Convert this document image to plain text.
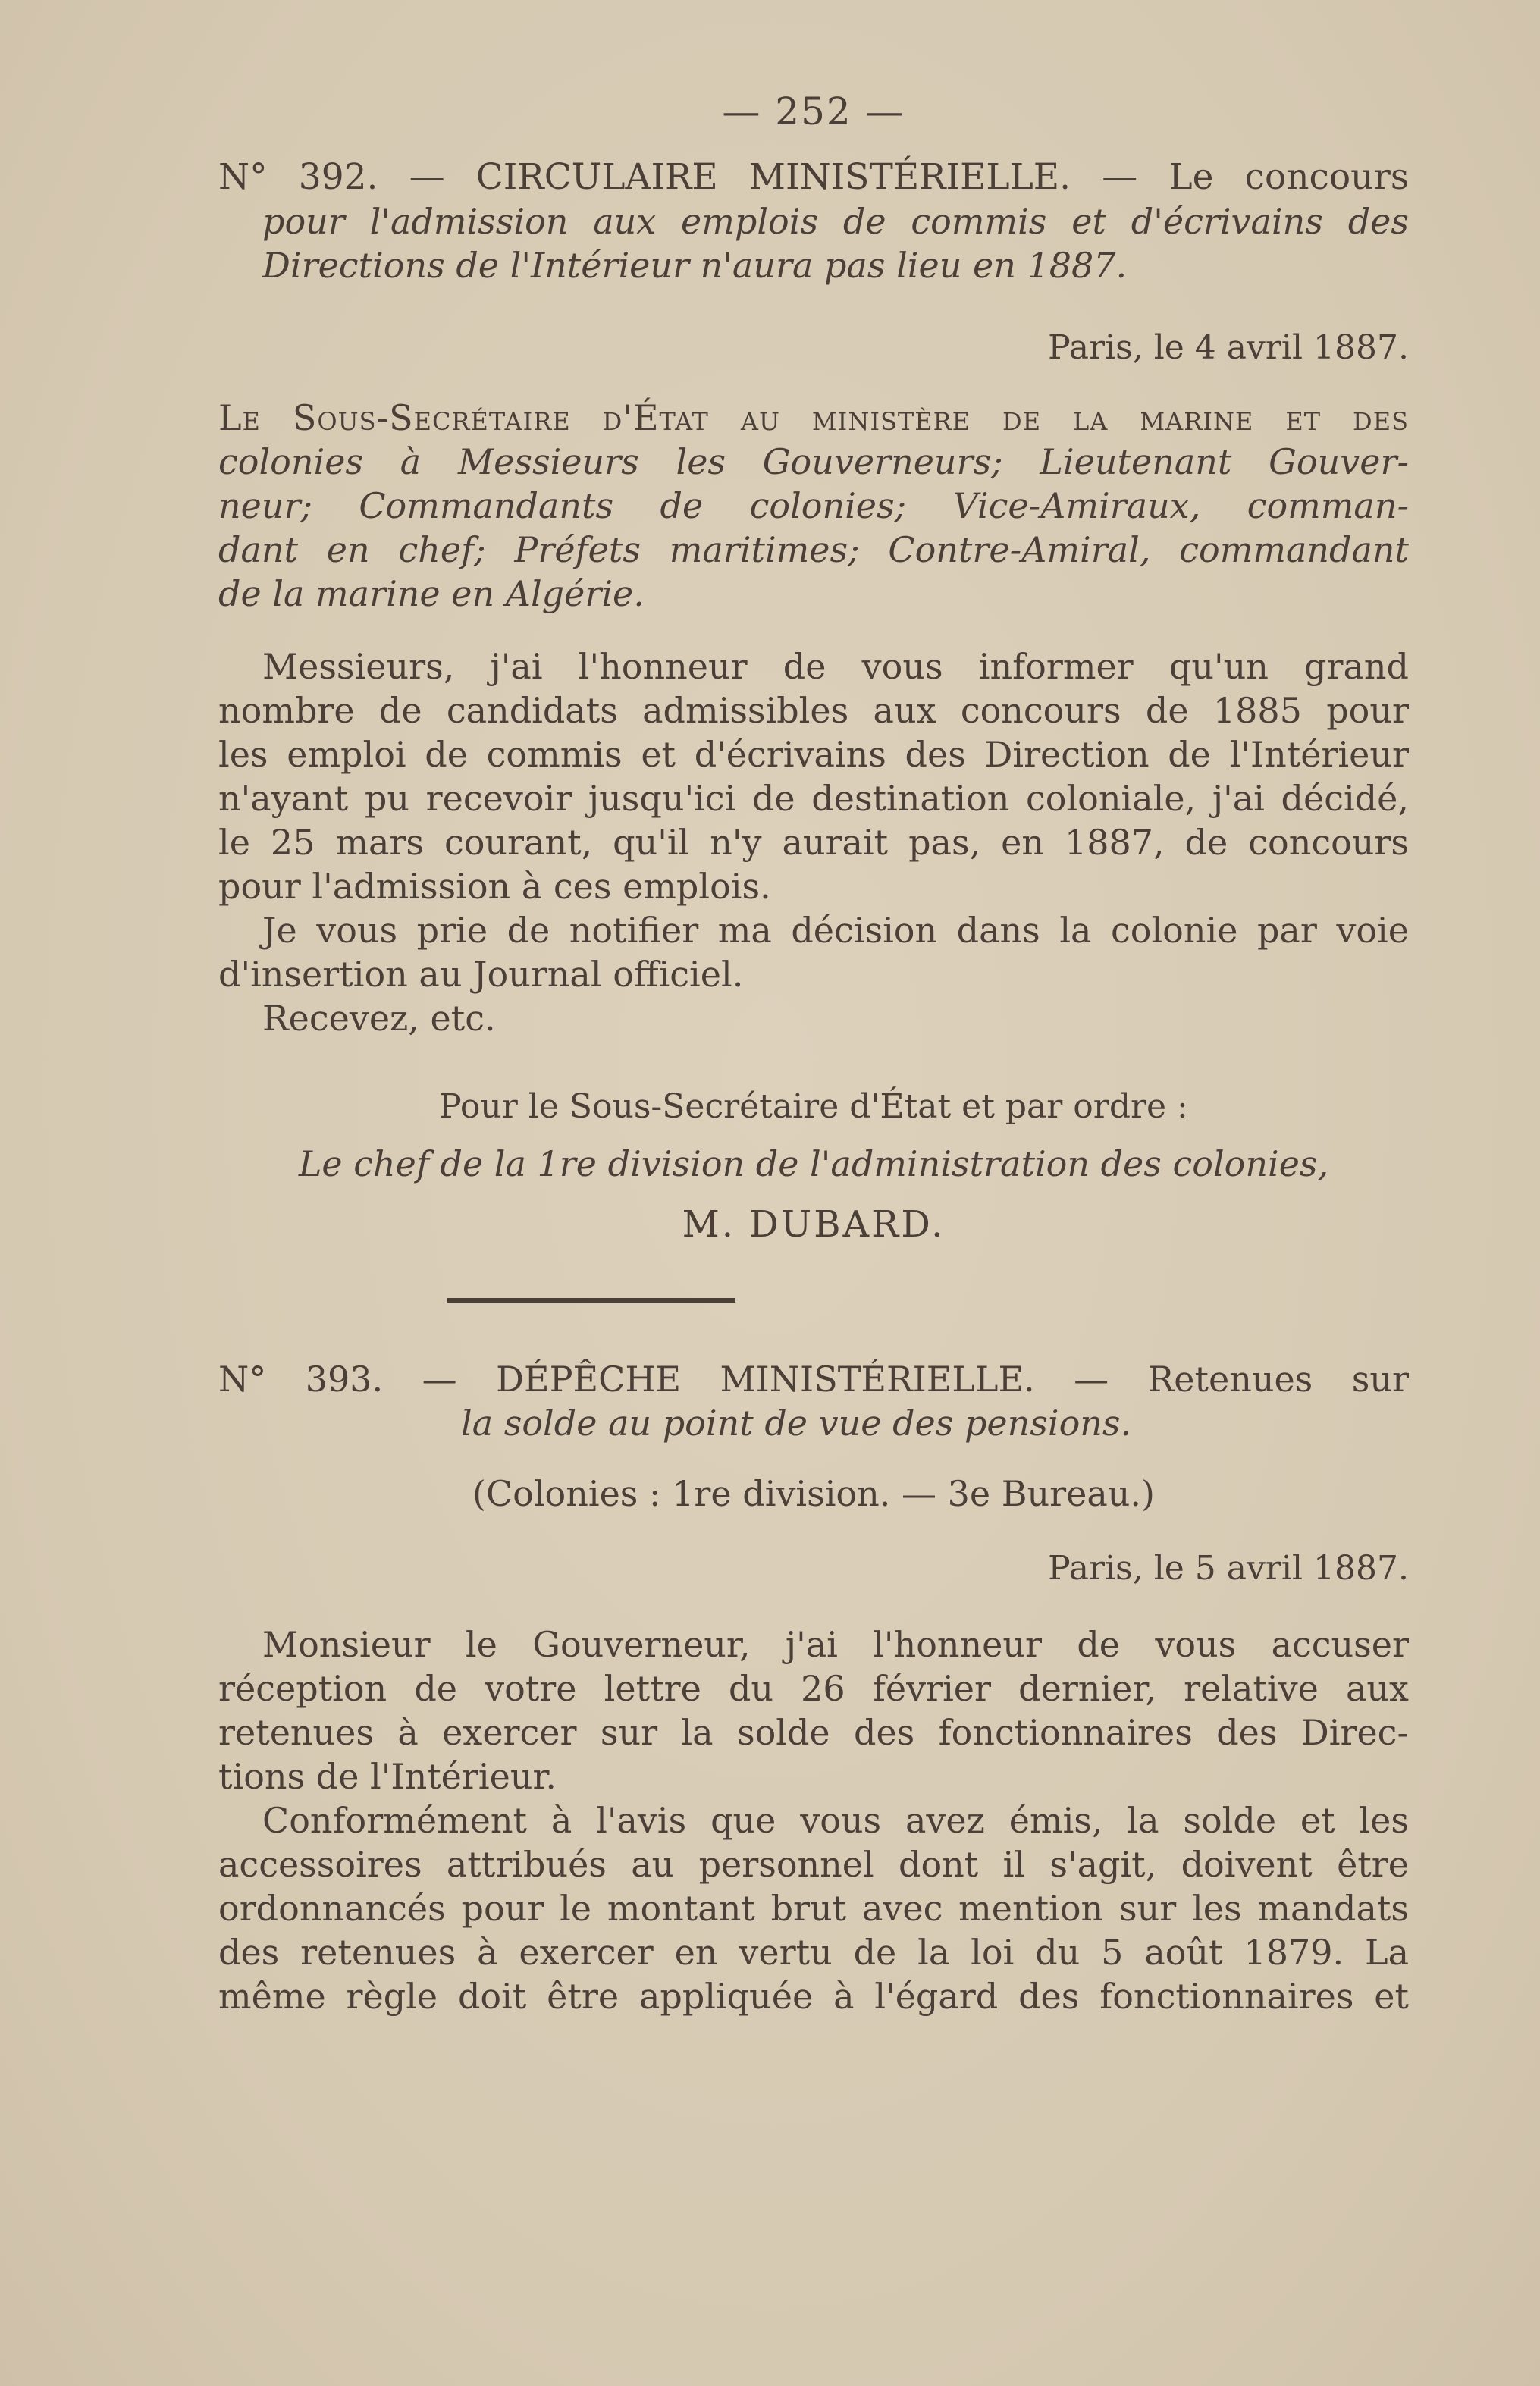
— 252 —
N° 392. — CIRCULAIRE MINISTÉRIELLE. — Le concours
pour l'admission aux emplois de commis et d'écrivains des
Directions de l'Intérieur n'aura pas lieu en 1887.
Paris, le 4 avril 1887.
Le Sous-Secrétaire d'État au ministère de la marine et des
colonies à Messieurs les Gouverneurs; Lieutenant Gouver-
neur; Commandants de colonies; Vice-Amiraux, comman-
dant en chef; Préfets maritimes; Contre-Amiral, commandant
de la marine en Algérie.
Messieurs, j'ai l'honneur de vous informer qu'un grand
nombre de candidats admissibles aux concours de 1885 pour
les emploi de commis et d'écrivains des Direction de l'Intérieur
n'ayant pu recevoir jusqu'ici de destination coloniale, j'ai décidé,
le 25 mars courant, qu'il n'y aurait pas, en 1887, de concours
pour l'admission à ces emplois.
Je vous prie de notifier ma décision dans la colonie par voie
d'insertion au Journal officiel.
Recevez, etc.
Pour le Sous-Secrétaire d'État et par ordre :
Le chef de la 1re division de l'administration des colonies,
M. DUBARD.
N° 393. — DÉPÊCHE MINISTÉRIELLE. — Retenues sur
la solde au point de vue des pensions.
(Colonies : 1re division. — 3e Bureau.)
Paris, le 5 avril 1887.
Monsieur le Gouverneur, j'ai l'honneur de vous accuser
réception de votre lettre du 26 février dernier, relative aux
retenues à exercer sur la solde des fonctionnaires des Direc-
tions de l'Intérieur.
Conformément à l'avis que vous avez émis, la solde et les
accessoires attribués au personnel dont il s'agit, doivent être
ordonnancés pour le montant brut avec mention sur les mandats
des retenues à exercer en vertu de la loi du 5 août 1879. La
même règle doit être appliquée à l'égard des fonctionnaires et
